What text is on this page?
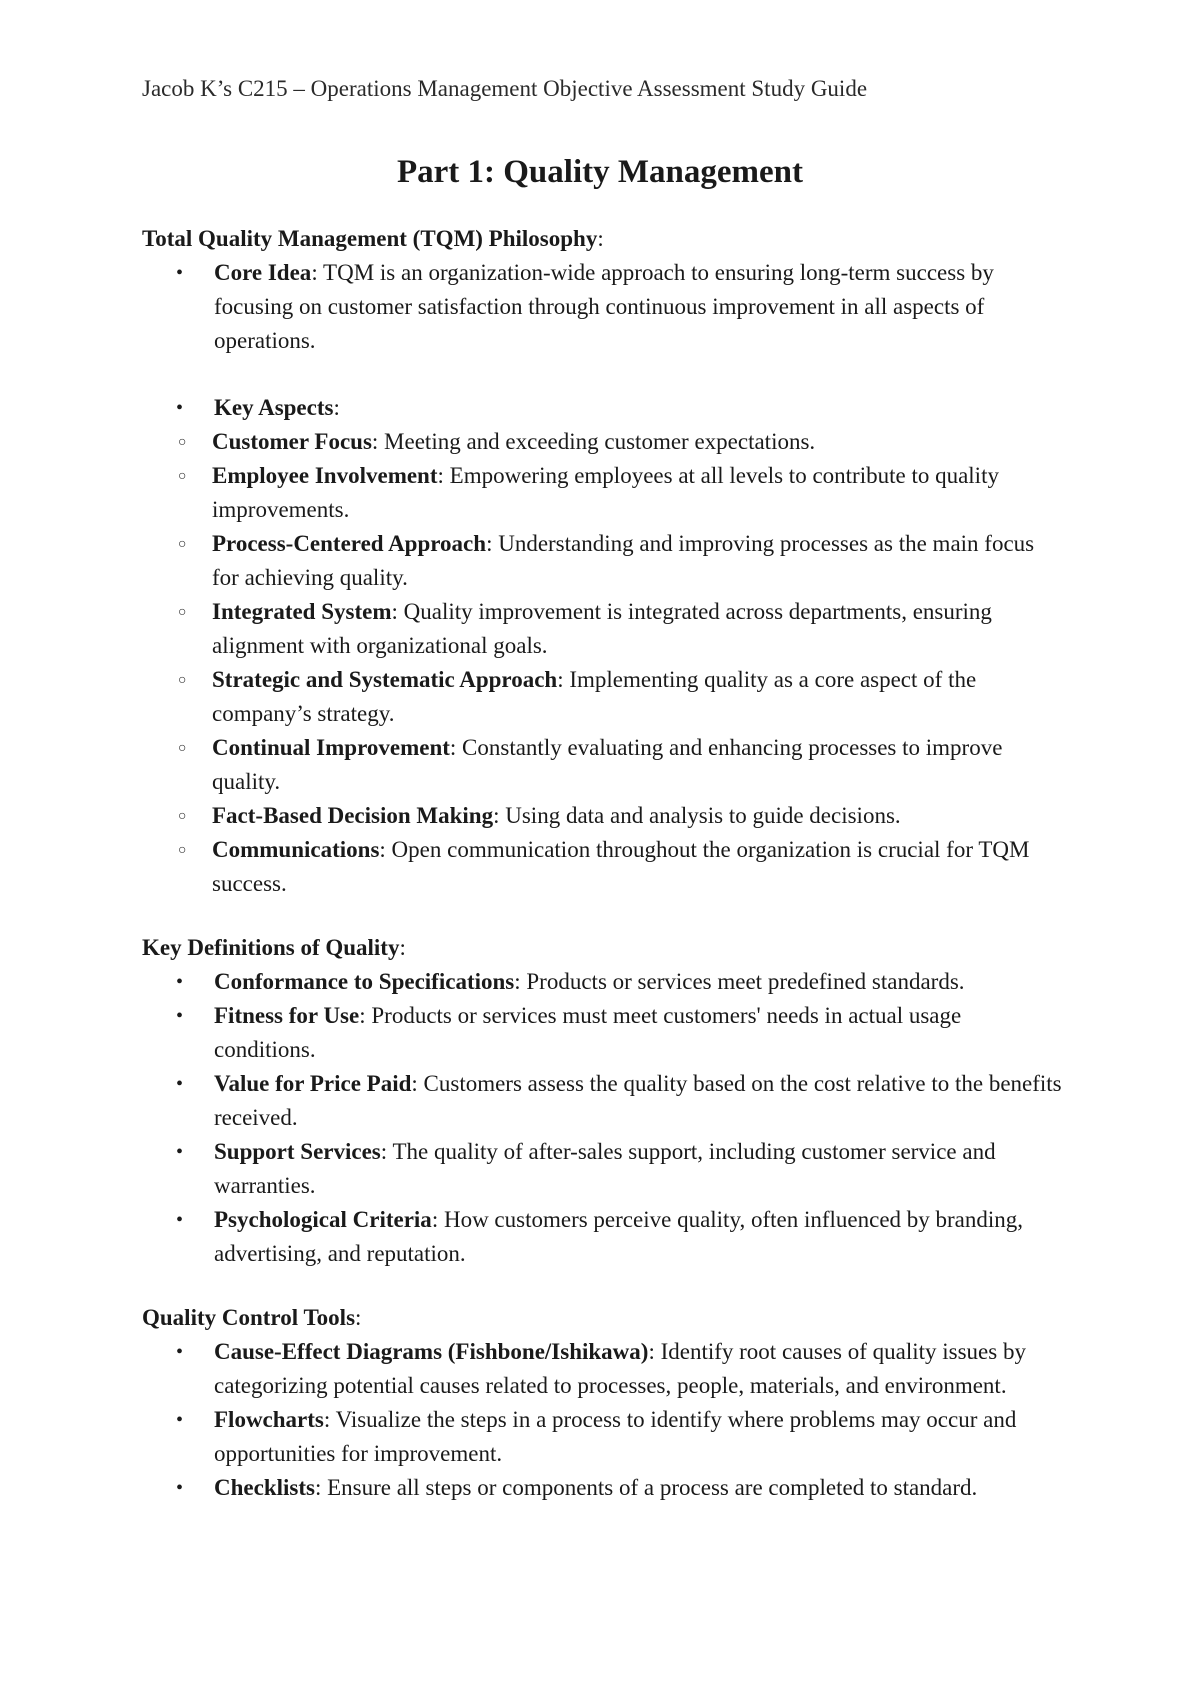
Jacob K’s C215 – Operations Management Objective Assessment Study Guide
Part 1: Quality Management

Total Quality Management (TQM) Philosophy:

• Core Idea: TQM is an organization-wide approach to ensuring long-term success by focusing on customer satisfaction through continuous improvement in all aspects of operations.
• Key Aspects:
○ Customer Focus: Meeting and exceeding customer expectations.
○ Employee Involvement: Empowering employees at all levels to contribute to quality improvements.
○ Process-Centered Approach: Understanding and improving processes as the main focus for achieving quality.
○ Integrated System: Quality improvement is integrated across departments, ensuring alignment with organizational goals.
○ Strategic and Systematic Approach: Implementing quality as a core aspect of the company’s strategy.
○ Continual Improvement: Constantly evaluating and enhancing processes to improve quality.
○ Fact-Based Decision Making: Using data and analysis to guide decisions.
○ Communications: Open communication throughout the organization is crucial for TQM success.

Key Definitions of Quality:

• Conformance to Specifications: Products or services meet predefined standards.
• Fitness for Use: Products or services must meet customers' needs in actual usage conditions.
• Value for Price Paid: Customers assess the quality based on the cost relative to the benefits received.
• Support Services: The quality of after-sales support, including customer service and warranties.
• Psychological Criteria: How customers perceive quality, often influenced by branding, advertising, and reputation.

Quality Control Tools:

• Cause-Effect Diagrams (Fishbone/Ishikawa): Identify root causes of quality issues by categorizing potential causes related to processes, people, materials, and environment.
• Flowcharts: Visualize the steps in a process to identify where problems may occur and opportunities for improvement.
• Checklists: Ensure all steps or components of a process are completed to standard.
